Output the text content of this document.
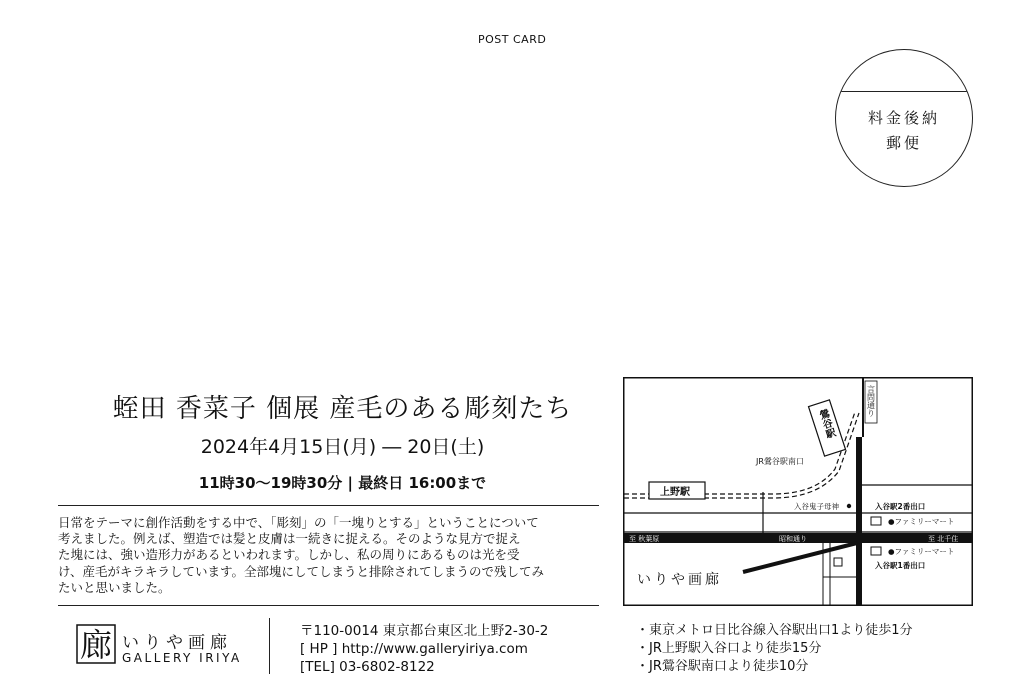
POST CARD
料金後納
郵便
蛭田 香菜子 個展 産毛のある彫刻たち
2024年4月15日(月) ― 20日(土)
11時30〜19時30分 | 最終日 16:00まで

日常をテーマに創作活動をする中で、「彫刻」の「一塊りとする」ということについて

考えました。例えば、塑造では髪と皮膚は一続きに捉える。そのような見方で捉え

た塊には、強い造形力があるといわれます。しかし、私の周りにあるものは光を受

け、産毛がキラキラしています。全部塊にしてしまうと排除されてしまうので残してみ

たいと思いました。

廊 いりや画廊
GALLERY IRIYA
〒110-0014 東京都台東区北上野2-30-2
[ HP ] http://www.galleryiriya.com
[TEL] 03-6802-8122
・東京メトロ日比谷線入谷駅出口1より徒歩1分
・JR上野駅入谷口より徒歩15分
・JR鶯谷駅南口より徒歩10分
言問通り
鶯谷駅
JR鶯谷駅南口
上野駅
入谷鬼子母神	入谷駅2番出口
●ファミリーマート
至 秋葉原	昭和通り	至 北千住
●ファミリーマート
入谷駅1番出口
いりや画廊
